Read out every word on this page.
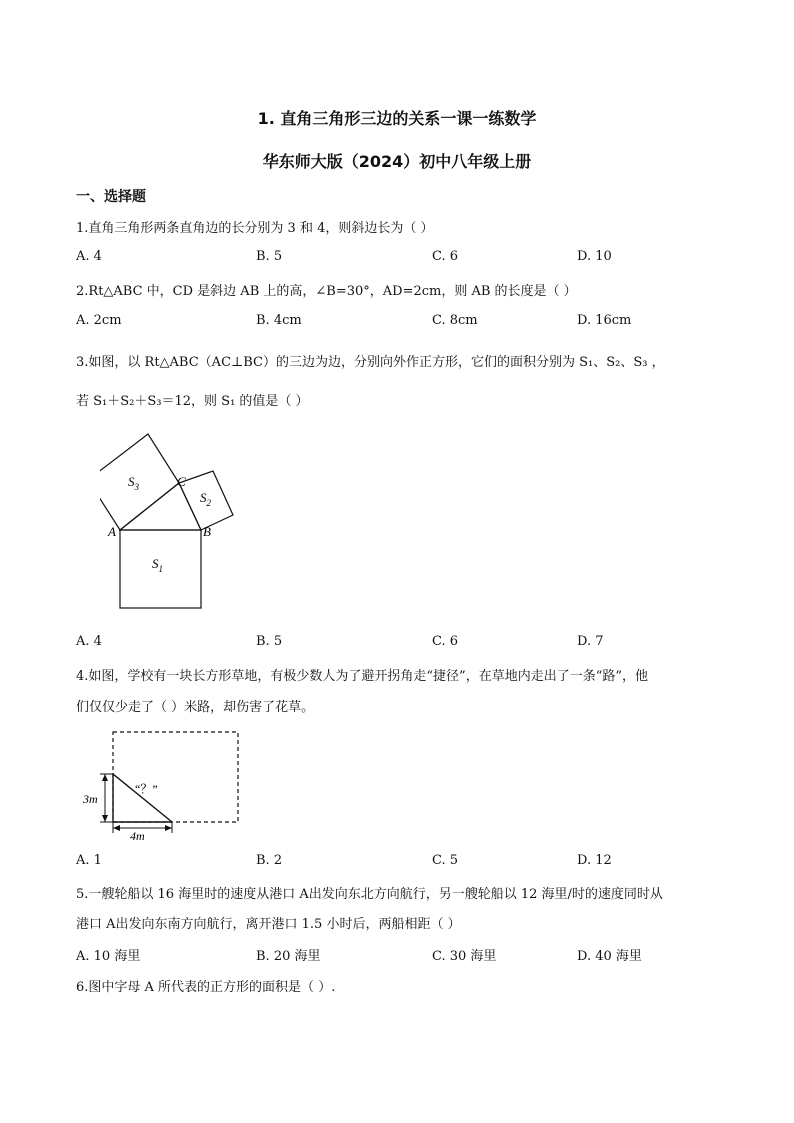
1. 直角三角形三边的关系一课一练数学
华东师大版（2024）初中八年级上册
一、选择题
1.直角三角形两条直角边的长分别为 3 和 4，则斜边长为（ ）
A. 4	B. 5	C. 6	D. 10
2.Rt△ABC 中，CD 是斜边 AB 上的高，∠B=30°，AD=2cm，则 AB 的长度是（ ）
A. 2cm	B. 4cm	C. 8cm	D. 16cm
3.如图，以 Rt△ABC（AC⊥BC）的三边为边，分别向外作正方形，它们的面积分别为 S₁、S₂、S₃ ，
若 S₁＋S₂＋S₃＝12，则 S₁ 的值是（ ）
$S_3$	C
$S_2$
A	B
$S_1$
A. 4	B. 5	C. 6	D. 7
4.如图，学校有一块长方形草地，有极少数人为了避开拐角走“捷径”，在草地内走出了一条“路”，他
们仅仅少走了（ ）米路，却伤害了花草。
“？”
3m
4m
A. 1	B. 2	C. 5	D. 12
5.一艘轮船以 16 海里时的速度从港口 A出发向东北方向航行，另一艘轮船以 12 海里/时的速度同时从
港口 A出发向东南方向航行，离开港口 1.5 小时后，两船相距（ ）
A. 10 海里	B. 20 海里	C. 30 海里	D. 40 海里
6.图中字母 A 所代表的正方形的面积是（ ）.
